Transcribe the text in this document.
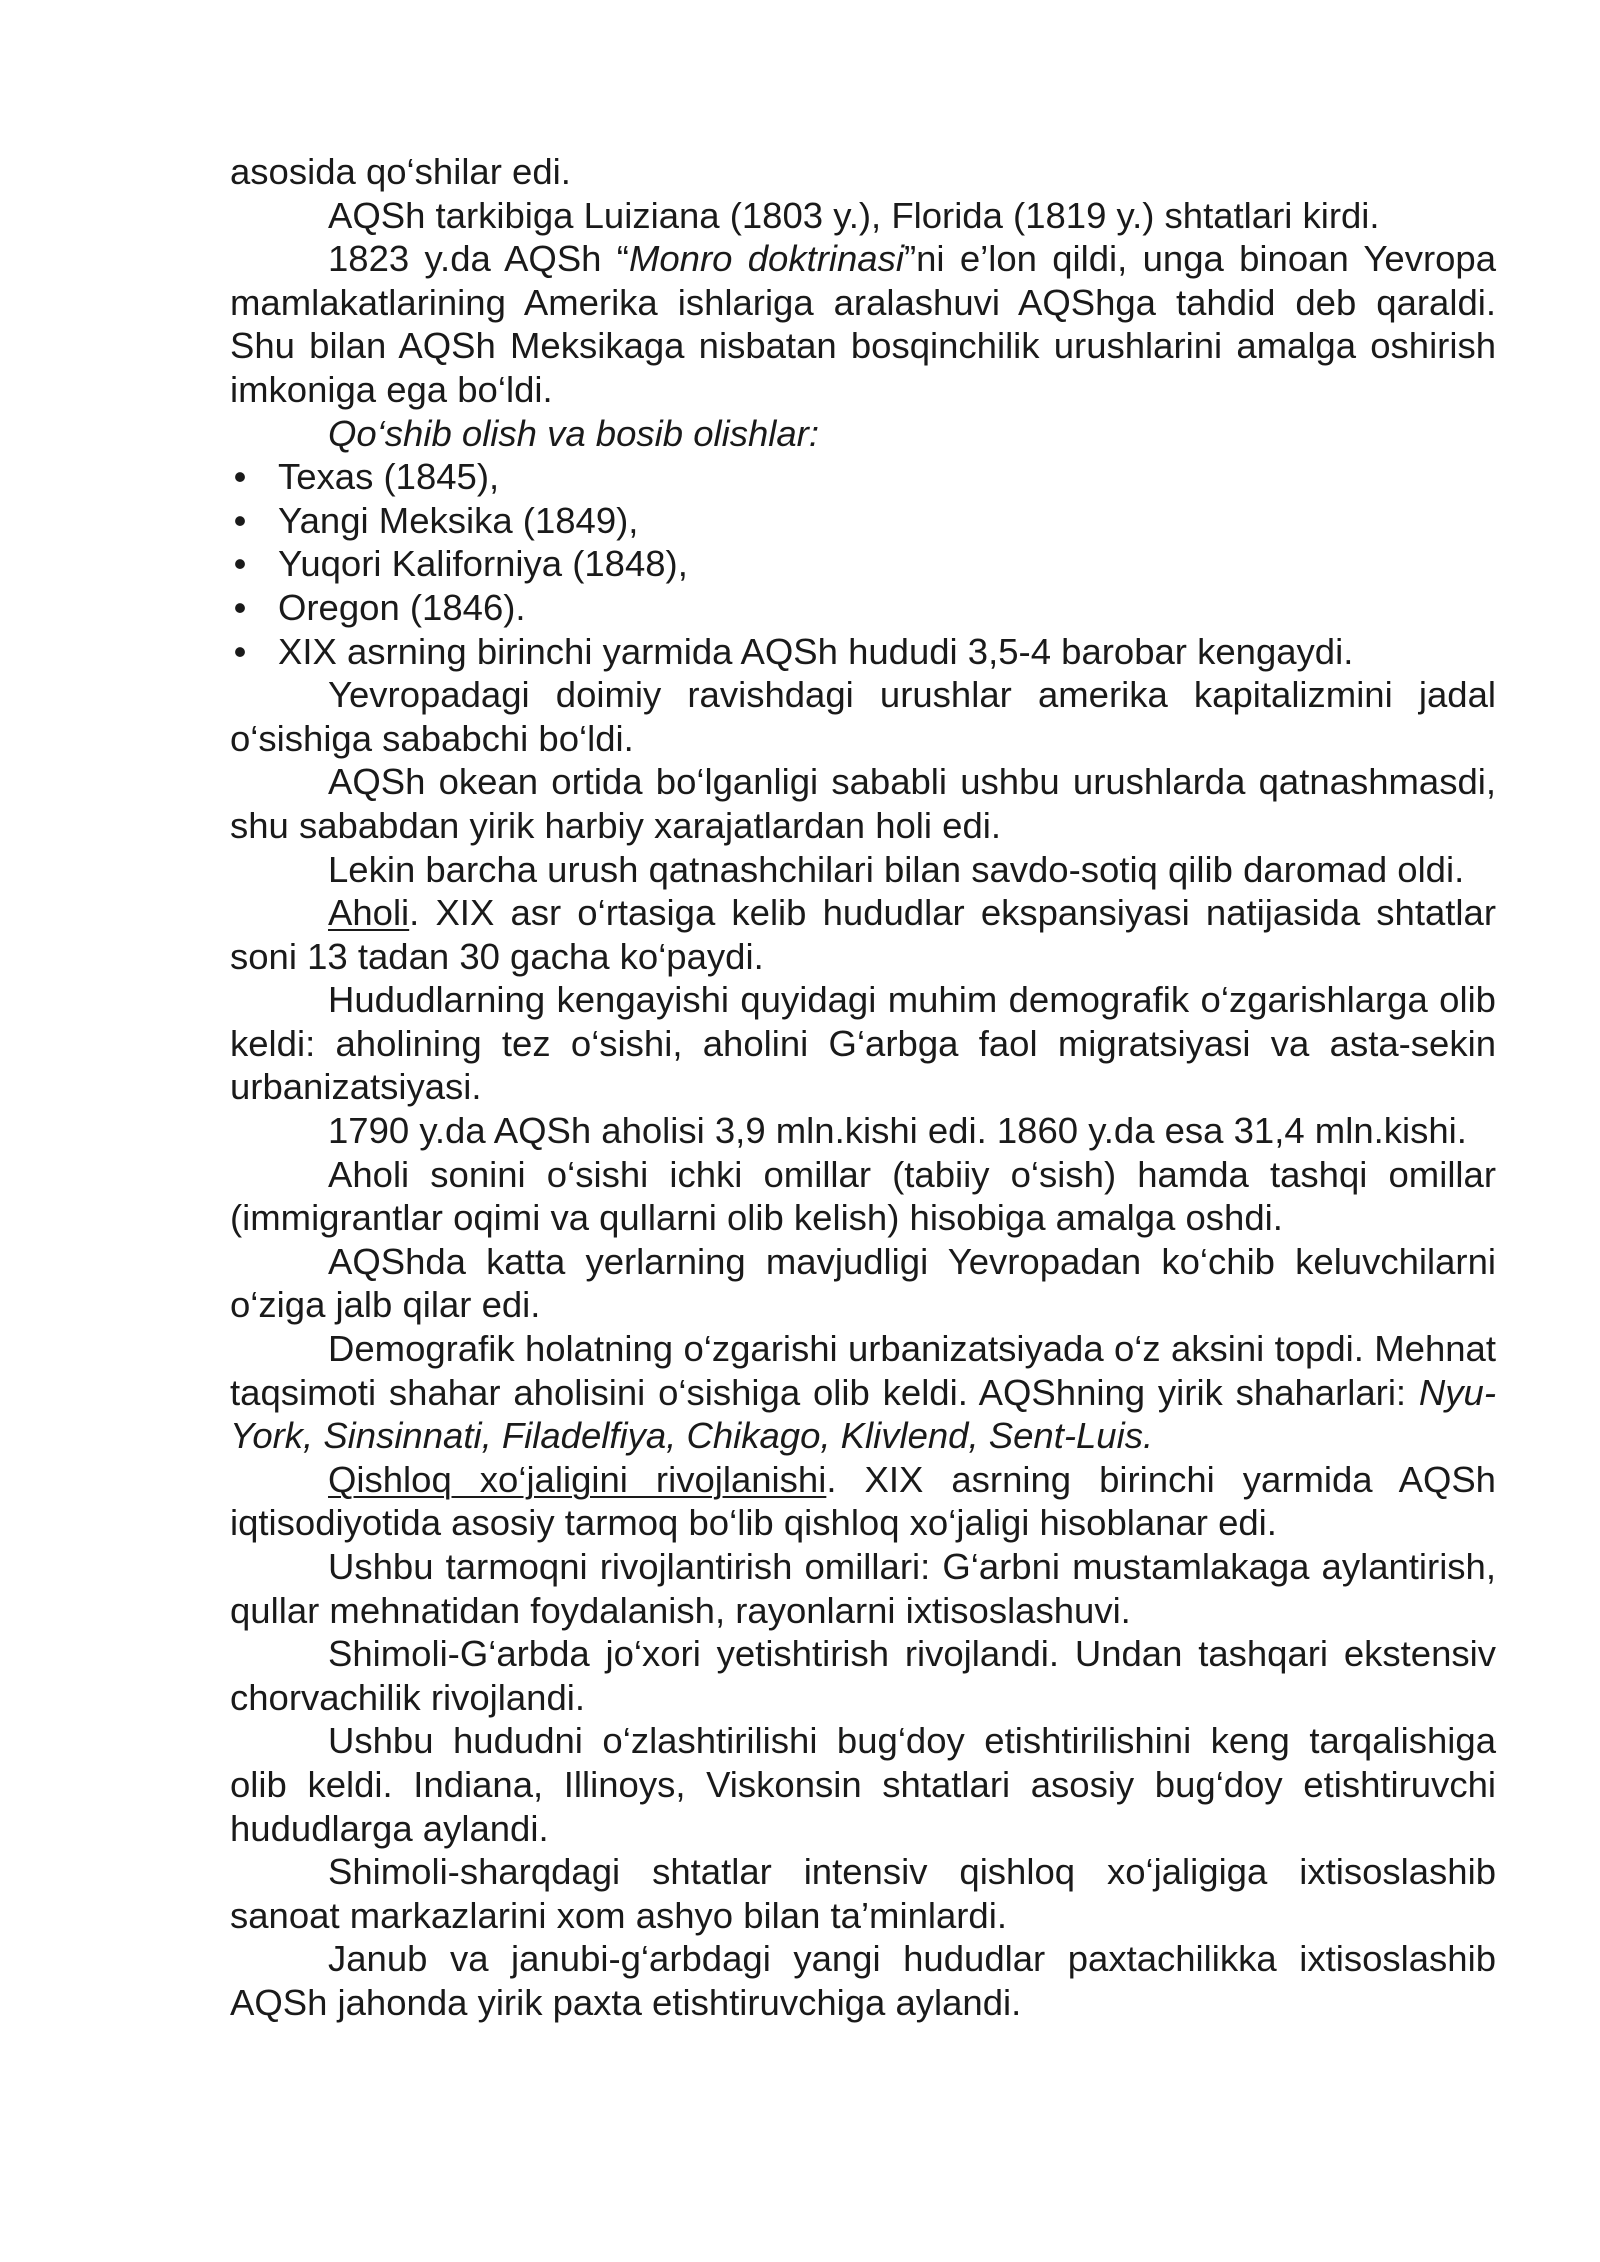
asosida qo‘shilar edi.

AQSh tarkibiga Luiziana (1803 y.), Florida (1819 y.) shtatlari kirdi.

1823 y.da AQSh “Monro doktrinasi”ni e’lon qildi, unga binoan Yevropa mamlakatlarining Amerika ishlariga aralashuvi AQShga tahdid deb qaraldi. Shu bilan AQSh Meksikaga nisbatan bosqinchilik urushlarini amalga oshirish imkoniga ega bo‘ldi.

Qo‘shib olish va bosib olishlar:

• Texas (1845),
• Yangi Meksika (1849),
• Yuqori Kaliforniya (1848),
• Oregon (1846).
• XIX asrning birinchi yarmida AQSh hududi 3,5-4 barobar kengaydi.

Yevropadagi doimiy ravishdagi urushlar amerika kapitalizmini jadal o‘sishiga sababchi bo‘ldi.

AQSh okean ortida bo‘lganligi sababli ushbu urushlarda qatnashmasdi, shu sababdan yirik harbiy xarajatlardan holi edi.

Lekin barcha urush qatnashchilari bilan savdo-sotiq qilib daromad oldi.

Aholi. XIX asr o‘rtasiga kelib hududlar ekspansiyasi natijasida shtatlar soni 13 tadan 30 gacha ko‘paydi.

Hududlarning kengayishi quyidagi muhim demografik o‘zgarishlarga olib keldi: aholining tez o‘sishi, aholini G‘arbga faol migratsiyasi va asta-sekin urbanizatsiyasi.

1790 y.da AQSh aholisi 3,9 mln.kishi edi. 1860 y.da esa 31,4 mln.kishi.

Aholi sonini o‘sishi ichki omillar (tabiiy o‘sish) hamda tashqi omillar (immigrantlar oqimi va qullarni olib kelish) hisobiga amalga oshdi.

AQShda katta yerlarning mavjudligi Yevropadan ko‘chib keluvchilarni o‘ziga jalb qilar edi.

Demografik holatning o‘zgarishi urbanizatsiyada o‘z aksini topdi. Mehnat taqsimoti shahar aholisini o‘sishiga olib keldi. AQShning yirik shaharlari: Nyu-York, Sinsinnati, Filadelfiya, Chikago, Klivlend, Sent-Luis.

Qishloq xo‘jaligini rivojlanishi. XIX asrning birinchi yarmida AQSh iqtisodiyotida asosiy tarmoq bo‘lib qishloq xo‘jaligi hisoblanar edi.

Ushbu tarmoqni rivojlantirish omillari: G‘arbni mustamlakaga aylantirish, qullar mehnatidan foydalanish, rayonlarni ixtisoslashuvi.

Shimoli-G‘arbda jo‘xori yetishtirish rivojlandi. Undan tashqari ekstensiv chorvachilik rivojlandi.

Ushbu hududni o‘zlashtirilishi bug‘doy etishtirilishini keng tarqalishiga olib keldi. Indiana, Illinoys, Viskonsin shtatlari asosiy bug‘doy etishtiruvchi hududlarga aylandi.

Shimoli-sharqdagi shtatlar intensiv qishloq xo‘jaligiga ixtisoslashib sanoat markazlarini xom ashyo bilan ta’minlardi.

Janub va janubi-g‘arbdagi yangi hududlar paxtachilikka ixtisoslashib AQSh jahonda yirik paxta etishtiruvchiga aylandi.
